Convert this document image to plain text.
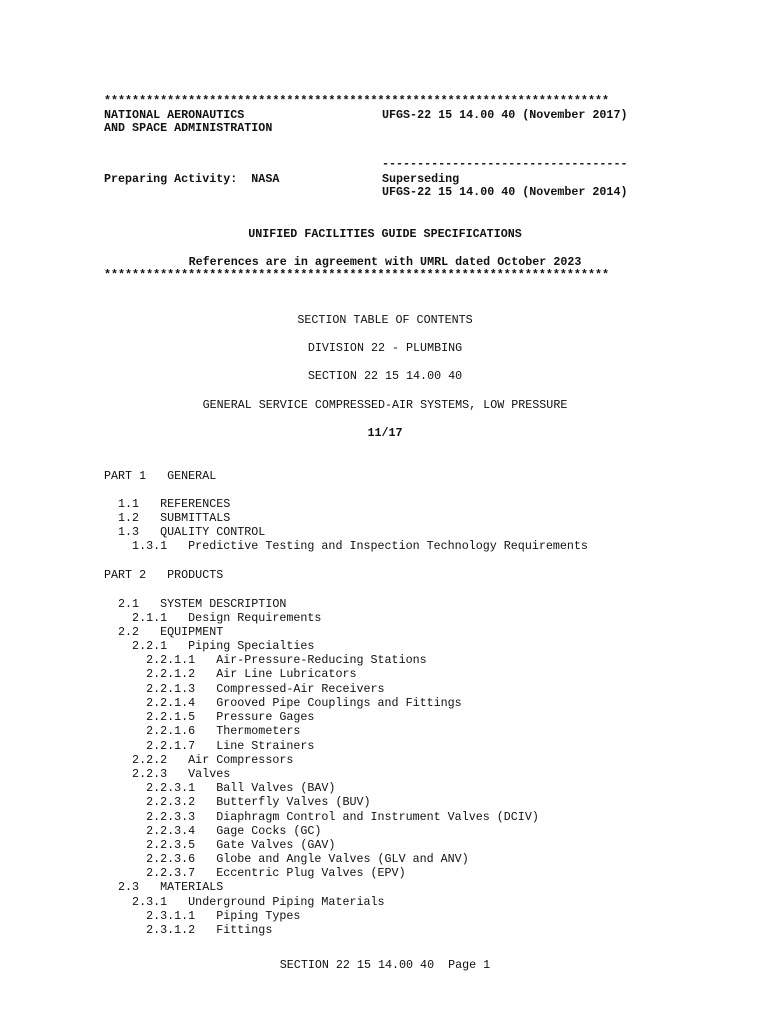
************************************************************************
NATIONAL AERONAUTICS	UFGS-22 15 14.00 40 (November 2017)
AND SPACE ADMINISTRATION
-----------------------------------
Preparing Activity:  NASA	Superseding
UFGS-22 15 14.00 40 (November 2014)
UNIFIED FACILITIES GUIDE SPECIFICATIONS
References are in agreement with UMRL dated October 2023
************************************************************************
SECTION TABLE OF CONTENTS
DIVISION 22 - PLUMBING
SECTION 22 15 14.00 40
GENERAL SERVICE COMPRESSED-AIR SYSTEMS, LOW PRESSURE
11/17
PART 1   GENERAL
1.1   REFERENCES
1.2   SUBMITTALS
1.3   QUALITY CONTROL
1.3.1   Predictive Testing and Inspection Technology Requirements
PART 2   PRODUCTS
2.1   SYSTEM DESCRIPTION
2.1.1   Design Requirements
2.2   EQUIPMENT
2.2.1   Piping Specialties
2.2.1.1   Air-Pressure-Reducing Stations
2.2.1.2   Air Line Lubricators
2.2.1.3   Compressed-Air Receivers
2.2.1.4   Grooved Pipe Couplings and Fittings
2.2.1.5   Pressure Gages
2.2.1.6   Thermometers
2.2.1.7   Line Strainers
2.2.2   Air Compressors
2.2.3   Valves
2.2.3.1   Ball Valves (BAV)
2.2.3.2   Butterfly Valves (BUV)
2.2.3.3   Diaphragm Control and Instrument Valves (DCIV)
2.2.3.4   Gage Cocks (GC)
2.2.3.5   Gate Valves (GAV)
2.2.3.6   Globe and Angle Valves (GLV and ANV)
2.2.3.7   Eccentric Plug Valves (EPV)
2.3   MATERIALS
2.3.1   Underground Piping Materials
2.3.1.1   Piping Types
2.3.1.2   Fittings
SECTION 22 15 14.00 40  Page 1
